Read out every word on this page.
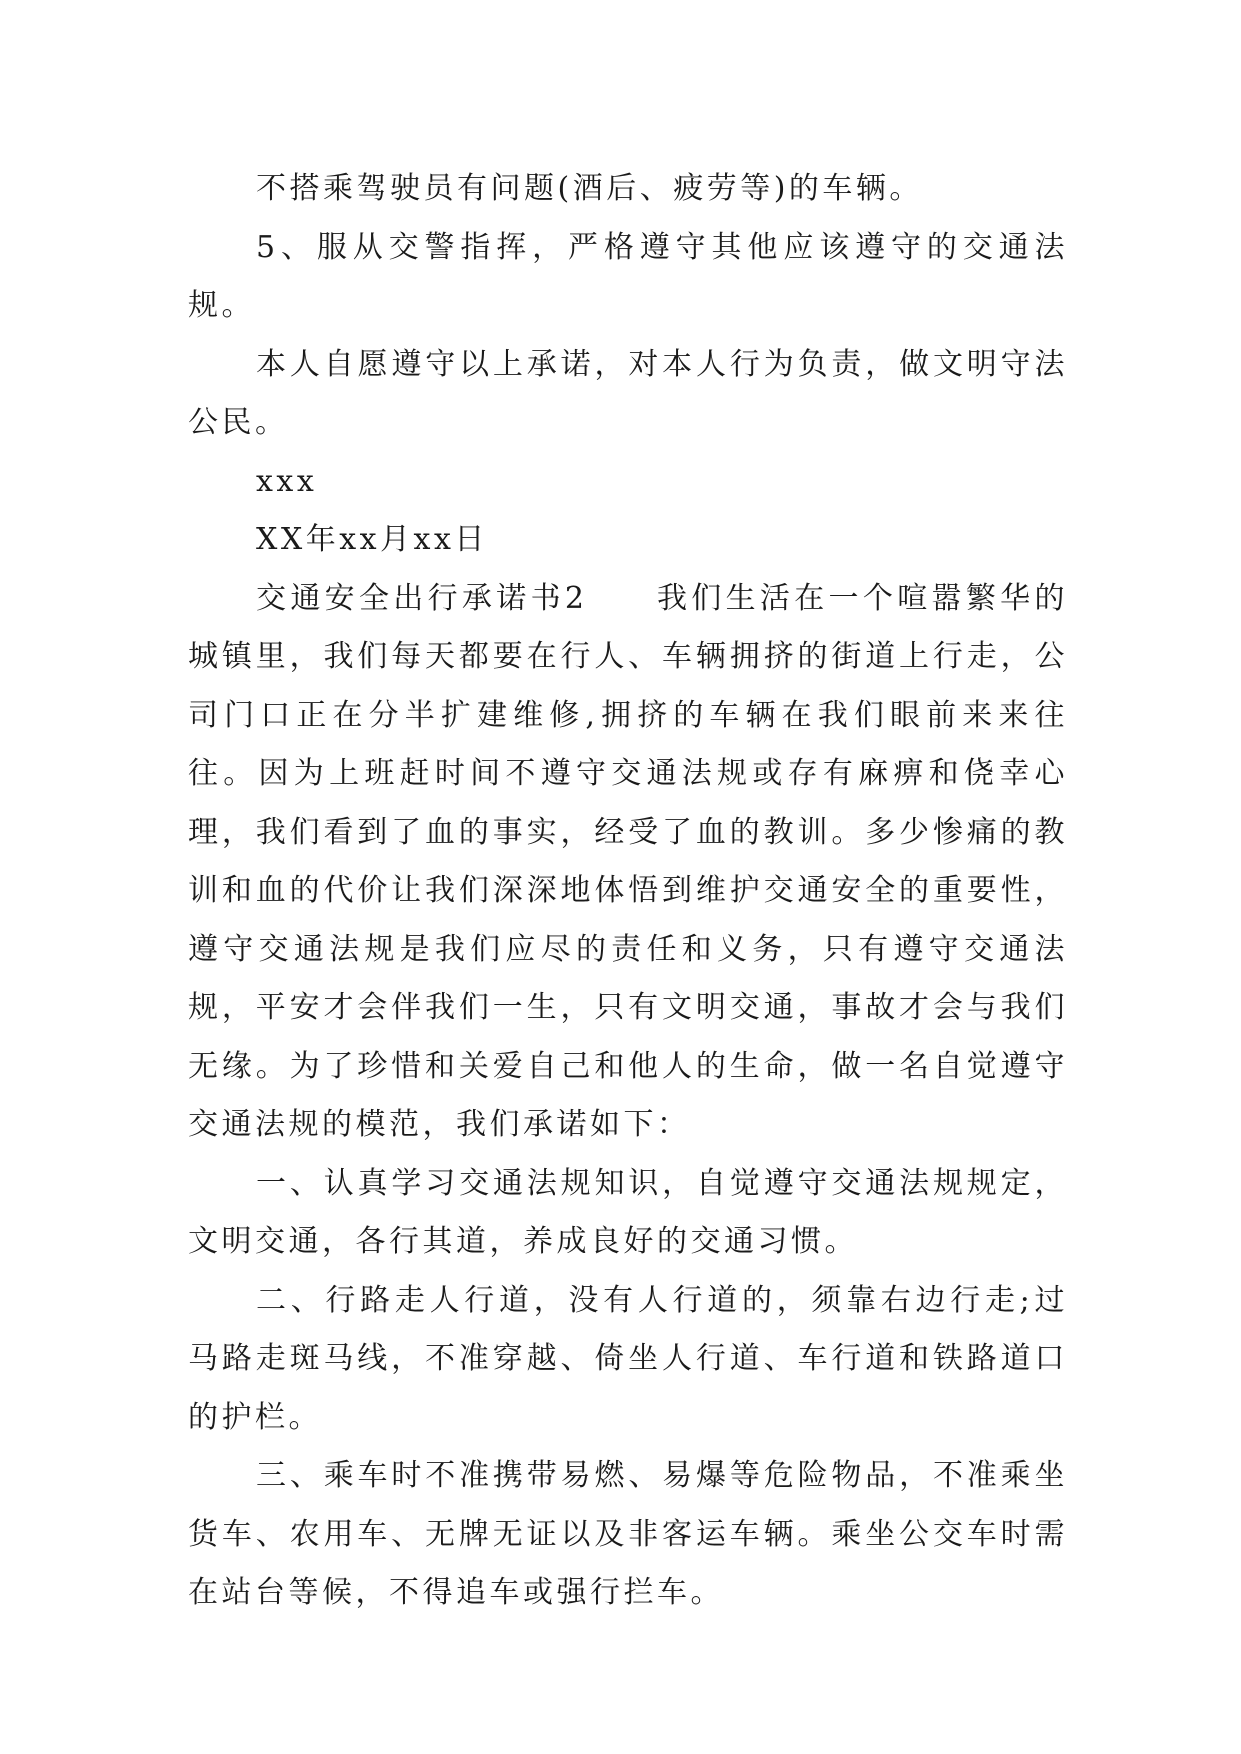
不搭乘驾驶员有问题(酒后、疲劳等)的车辆。

5、服从交警指挥，严格遵守其他应该遵守的交通法规。

本人自愿遵守以上承诺，对本人行为负责，做文明守法公民。

xxx

XX年xx月xx日

交通安全出行承诺书2　　我们生活在一个喧嚣繁华的城镇里，我们每天都要在行人、车辆拥挤的街道上行走，公司门口正在分半扩建维修,拥挤的车辆在我们眼前来来往往。因为上班赶时间不遵守交通法规或存有麻痹和侥幸心理，我们看到了血的事实，经受了血的教训。多少惨痛的教训和血的代价让我们深深地体悟到维护交通安全的重要性，遵守交通法规是我们应尽的责任和义务，只有遵守交通法规，平安才会伴我们一生，只有文明交通，事故才会与我们无缘。为了珍惜和关爱自己和他人的生命，做一名自觉遵守交通法规的模范，我们承诺如下：

一、认真学习交通法规知识，自觉遵守交通法规规定，文明交通，各行其道，养成良好的交通习惯。

二、行路走人行道，没有人行道的，须靠右边行走;过马路走斑马线，不准穿越、倚坐人行道、车行道和铁路道口的护栏。

三、乘车时不准携带易燃、易爆等危险物品，不准乘坐货车、农用车、无牌无证以及非客运车辆。乘坐公交车时需在站台等候，不得追车或强行拦车。
